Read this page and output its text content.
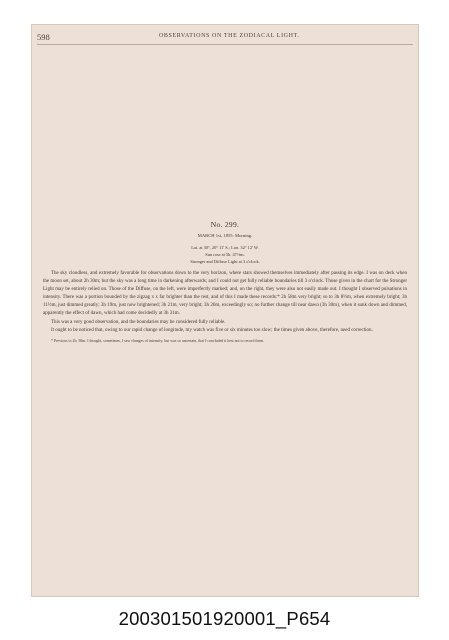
598	OBSERVATIONS ON THE ZODIACAL LIGHT.
No. 299.
MARCH 1st, 1855: Morning.
Lat. at 30°, 20° 11' S.; Lon. 32° 12' W.
Sun rose at 5h. 47½m.
Stronger and Diffuse Light at 3 o'clock.

The sky cloudless, and extremely favorable for observations down to the very horizon, where stars showed themselves immediately after passing its edge. I was on deck when the moon set, about 2h 30m; but the sky was a long time in darkening afterwards; and I could not get fully reliable boundaries till 3 o'clock. Those given in the chart for the Stronger Light may be entirely relied on. Those of the Diffuse, on the left, were imperfectly marked; and, on the right, they were also not easily made out. I thought I observed pulsations in intensity. There was a portion bounded by the zigzag x x far brighter than the rest, and of this I made these records:* 2h 58m very bright; so to 3h 8½m, when extremely bright; 3h 11½m, just dimmed greatly; 3h 19m, just now brightened; 3h 21m, very bright; 3h 26m, exceedingly so; no further change till near dawn (3h 30m), when it sunk down and dimmed, apparently the effect of dawn, which had come decidedly at 3h 31m.

This was a very good observation, and the boundaries may be considered fully reliable.

It ought to be noticed that, owing to our rapid change of longitude, my watch was five or six minutes too slow; the times given above, therefore, need correction.

* Previous to 2h. 58m. I thought, sometimes, I saw changes of intensity; but was so uncertain, that I concluded it best not to record them.

200301501920001_P654
